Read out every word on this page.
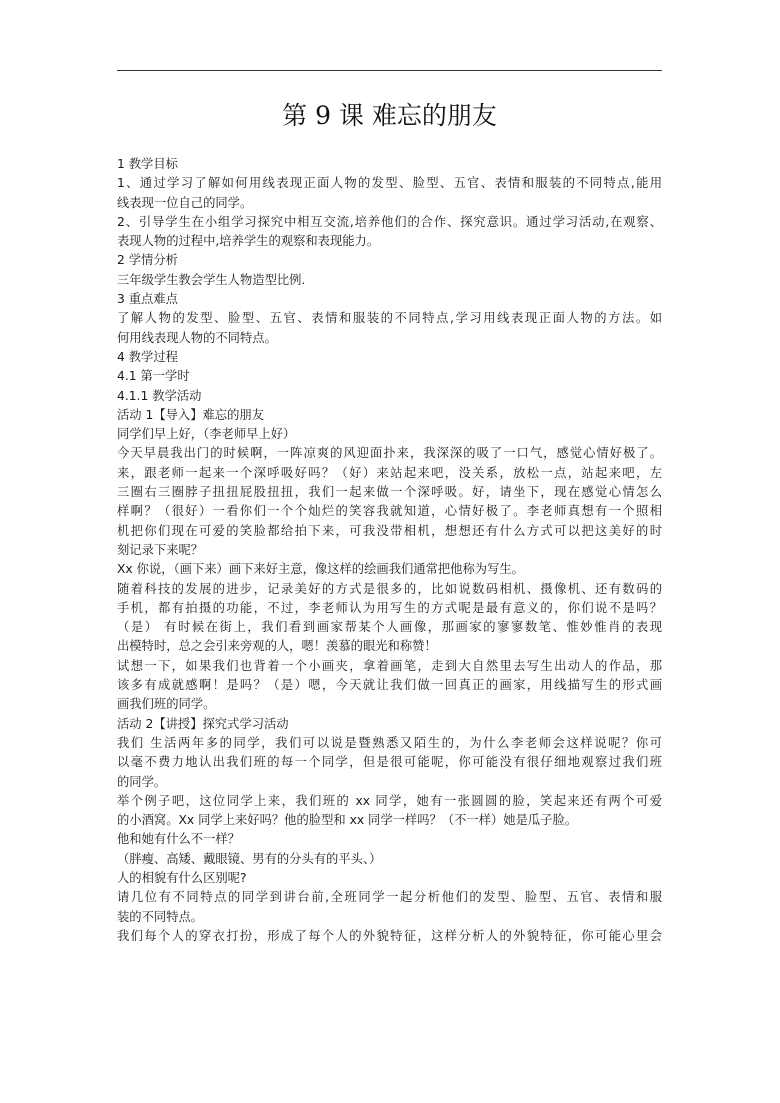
第 9 课 难忘的朋友
1 教学目标
1、通过学习了解如何用线表现正面人物的发型、脸型、五官、表情和服装的不同特点,能用
线表现一位自己的同学。
2、引导学生在小组学习探究中相互交流,培养他们的合作、探究意识。通过学习活动,在观察、
表现人物的过程中,培养学生的观察和表现能力。
2 学情分析
三年级学生教会学生人物造型比例.
3 重点难点
了解人物的发型、脸型、五官、表情和服装的不同特点,学习用线表现正面人物的方法。如
何用线表现人物的不同特点。
4 教学过程
4.1 第一学时
4.1.1 教学活动
活动 1【导入】难忘的朋友
同学们早上好，（李老师早上好）
今天早晨我出门的时候啊，一阵凉爽的风迎面扑来，我深深的吸了一口气，感觉心情好极了。
来，跟老师一起来一个深呼吸好吗？（好）来站起来吧，没关系，放松一点，站起来吧，左
三圈右三圈脖子扭扭屁股扭扭，我们一起来做一个深呼吸。好，请坐下，现在感觉心情怎么
样啊？（很好）一看你们一个个灿烂的笑容我就知道，心情好极了。李老师真想有一个照相
机把你们现在可爱的笑脸都给拍下来，可我没带相机，想想还有什么方式可以把这美好的时
刻记录下来呢？
Xx 你说，（画下来）画下来好主意，像这样的绘画我们通常把他称为写生。
随着科技的发展的进步，记录美好的方式是很多的，比如说数码相机、摄像机、还有数码的
手机，都有拍摄的功能，不过，李老师认为用写生的方式呢是最有意义的，你们说不是吗？
（是） 有时候在街上，我们看到画家帮某个人画像，那画家的寥寥数笔、惟妙惟肖的表现
出模特时，总之会引来旁观的人，嗯！羡慕的眼光和称赞！
试想一下，如果我们也背着一个小画夹，拿着画笔，走到大自然里去写生出动人的作品，那
该多有成就感啊！是吗？（是）嗯，今天就让我们做一回真正的画家，用线描写生的形式画
画我们班的同学。
活动 2【讲授】探究式学习活动
我们 生活两年多的同学，我们可以说是暨熟悉又陌生的，为什么李老师会这样说呢？你可
以毫不费力地认出我们班的每一个同学，但是很可能呢，你可能没有很仔细地观察过我们班
的同学。
举个例子吧，这位同学上来，我们班的 xx 同学，她有一张圆圆的脸，笑起来还有两个可爱
的小酒窝。Xx 同学上来好吗？他的脸型和 xx 同学一样吗？（不一样）她是瓜子脸。
他和她有什么不一样？
（胖瘦、高矮、戴眼镜、男有的分头有的平头、）
人的相貌有什么区别呢?
请几位有不同特点的同学到讲台前,全班同学一起分析他们的发型、脸型、五官、表情和服
装的不同特点。
我们每个人的穿衣打扮，形成了每个人的外貌特征，这样分析人的外貌特征，你可能心里会
